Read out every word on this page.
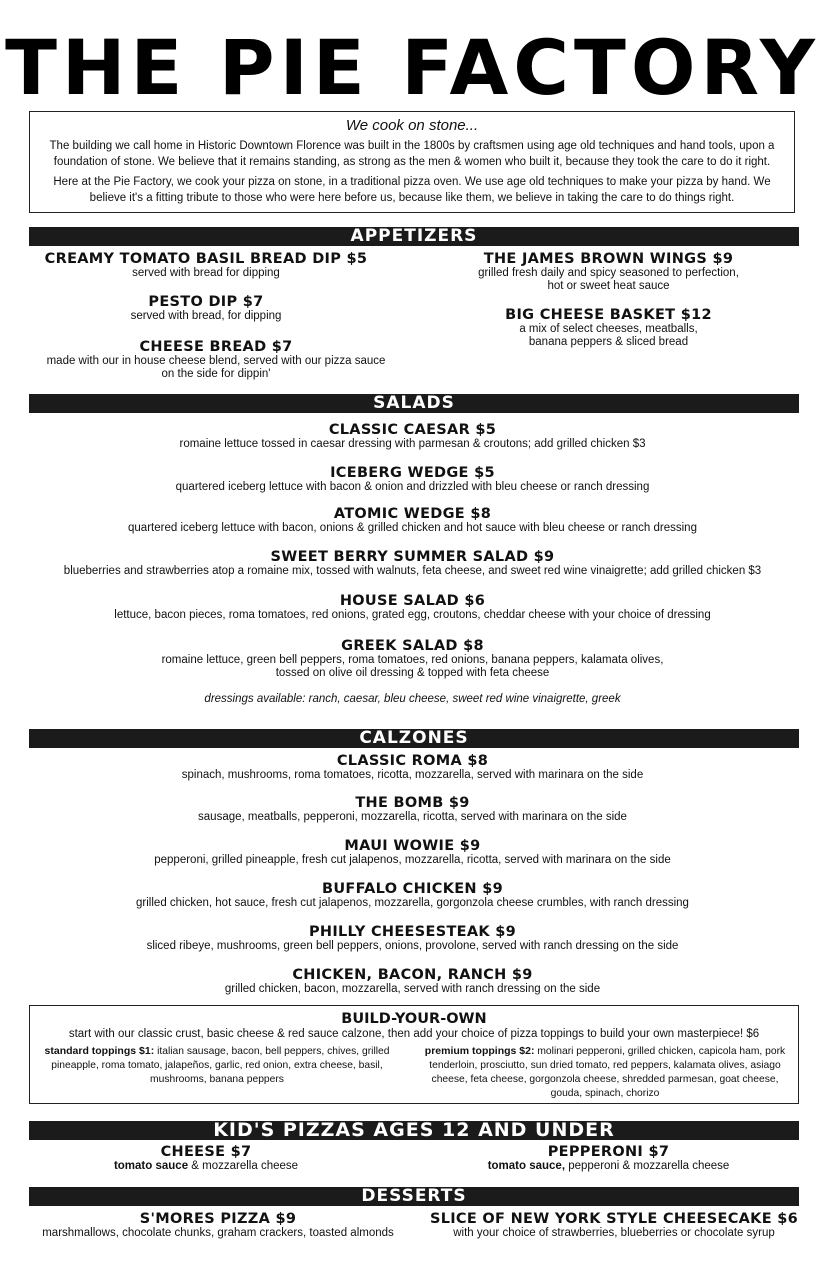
THE PIE FACTORY
We cook on stone...

The building we call home in Historic Downtown Florence was built in the 1800s by craftsmen using age old techniques and hand tools, upon a foundation of stone. We believe that it remains standing, as strong as the men & women who built it, because they took the care to do it right.

Here at the Pie Factory, we cook your pizza on stone, in a traditional pizza oven. We use age old techniques to make your pizza by hand. We believe it's a fitting tribute to those who were here before us, because like them, we believe in taking the care to do things right.

APPETIZERS
CREAMY TOMATO BASIL BREAD DIP $5
served with bread for dipping
PESTO DIP $7
served with bread, for dipping
CHEESE BREAD $7
made with our in house cheese blend, served with our pizza sauce
on the side for dippin'
THE JAMES BROWN WINGS $9
grilled fresh daily and spicy seasoned to perfection,
hot or sweet heat sauce
BIG CHEESE BASKET $12
a mix of select cheeses, meatballs,
banana peppers & sliced bread
SALADS
CLASSIC CAESAR $5
romaine lettuce tossed in caesar dressing with parmesan & croutons; add grilled chicken $3
ICEBERG WEDGE $5
quartered iceberg lettuce with bacon & onion and drizzled with bleu cheese or ranch dressing
ATOMIC WEDGE $8
quartered iceberg lettuce with bacon, onions & grilled chicken and hot sauce with bleu cheese or ranch dressing
SWEET BERRY SUMMER SALAD $9
blueberries and strawberries atop a romaine mix, tossed with walnuts, feta cheese, and sweet red wine vinaigrette; add grilled chicken $3
HOUSE SALAD $6
lettuce, bacon pieces, roma tomatoes, red onions, grated egg, croutons, cheddar cheese with your choice of dressing
GREEK SALAD $8
romaine lettuce, green bell peppers, roma tomatoes, red onions, banana peppers, kalamata olives,
tossed on olive oil dressing & topped with feta cheese
dressings available: ranch, caesar, bleu cheese, sweet red wine vinaigrette, greek
CALZONES
CLASSIC ROMA $8
spinach, mushrooms, roma tomatoes, ricotta, mozzarella, served with marinara on the side
THE BOMB $9
sausage, meatballs, pepperoni, mozzarella, ricotta, served with marinara on the side
MAUI WOWIE $9
pepperoni, grilled pineapple, fresh cut jalapenos, mozzarella, ricotta, served with marinara on the side
BUFFALO CHICKEN $9
grilled chicken, hot sauce, fresh cut jalapenos, mozzarella, gorgonzola cheese crumbles, with ranch dressing
PHILLY CHEESESTEAK $9
sliced ribeye, mushrooms, green bell peppers, onions, provolone, served with ranch dressing on the side
CHICKEN, BACON, RANCH $9
grilled chicken, bacon, mozzarella, served with ranch dressing on the side
BUILD-YOUR-OWN
start with our classic crust, basic cheese & red sauce calzone, then add your choice of pizza toppings to build your own masterpiece! $6
standard toppings $1: italian sausage, bacon, bell peppers, chives, grilled pineapple, roma tomato, jalapeños, garlic, red onion, extra cheese, basil, mushrooms, banana peppers
premium toppings $2: molinari pepperoni, grilled chicken, capicola ham, pork tenderloin, prosciutto, sun dried tomato, red peppers, kalamata olives, asiago cheese, feta cheese, gorgonzola cheese, shredded parmesan, goat cheese, gouda, spinach, chorizo
KID'S PIZZAS AGES 12 AND UNDER
CHEESE $7
tomato sauce & mozzarella cheese
PEPPERONI $7
tomato sauce, pepperoni & mozzarella cheese
DESSERTS
S'MORES PIZZA $9
marshmallows, chocolate chunks, graham crackers, toasted almonds
SLICE OF NEW YORK STYLE CHEESECAKE $6
with your choice of strawberries, blueberries or chocolate syrup
